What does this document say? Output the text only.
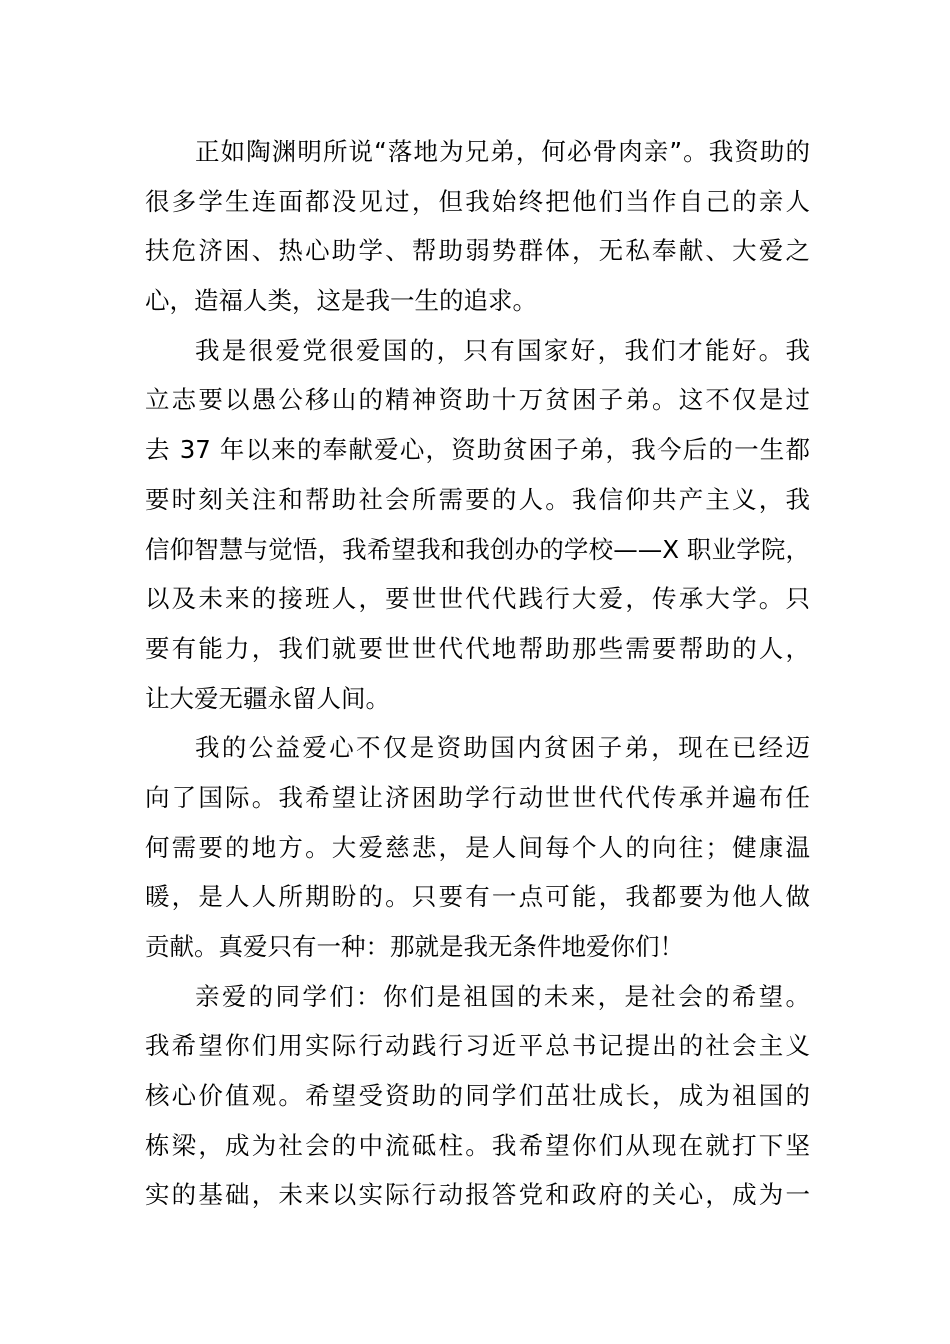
正如陶渊明所说“落地为兄弟，何必骨肉亲”。我资助的
很多学生连面都没见过，但我始终把他们当作自己的亲人
扶危济困、热心助学、帮助弱势群体，无私奉献、大爱之
心，造福人类，这是我一生的追求。
我是很爱党很爱国的，只有国家好，我们才能好。我
立志要以愚公移山的精神资助十万贫困子弟。这不仅是过
去 37 年以来的奉献爱心，资助贫困子弟，我今后的一生都
要时刻关注和帮助社会所需要的人。我信仰共产主义，我
信仰智慧与觉悟，我希望我和我创办的学校——X 职业学院，
以及未来的接班人，要世世代代践行大爱，传承大学。只
要有能力，我们就要世世代代地帮助那些需要帮助的人，
让大爱无疆永留人间。
我的公益爱心不仅是资助国内贫困子弟，现在已经迈
向了国际。我希望让济困助学行动世世代代传承并遍布任
何需要的地方。大爱慈悲，是人间每个人的向往；健康温
暖，是人人所期盼的。只要有一点可能，我都要为他人做
贡献。真爱只有一种：那就是我无条件地爱你们！
亲爱的同学们：你们是祖国的未来，是社会的希望。
我希望你们用实际行动践行习近平总书记提出的社会主义
核心价值观。希望受资助的同学们茁壮成长，成为祖国的
栋梁，成为社会的中流砥柱。我希望你们从现在就打下坚
实的基础，未来以实际行动报答党和政府的关心，成为一
